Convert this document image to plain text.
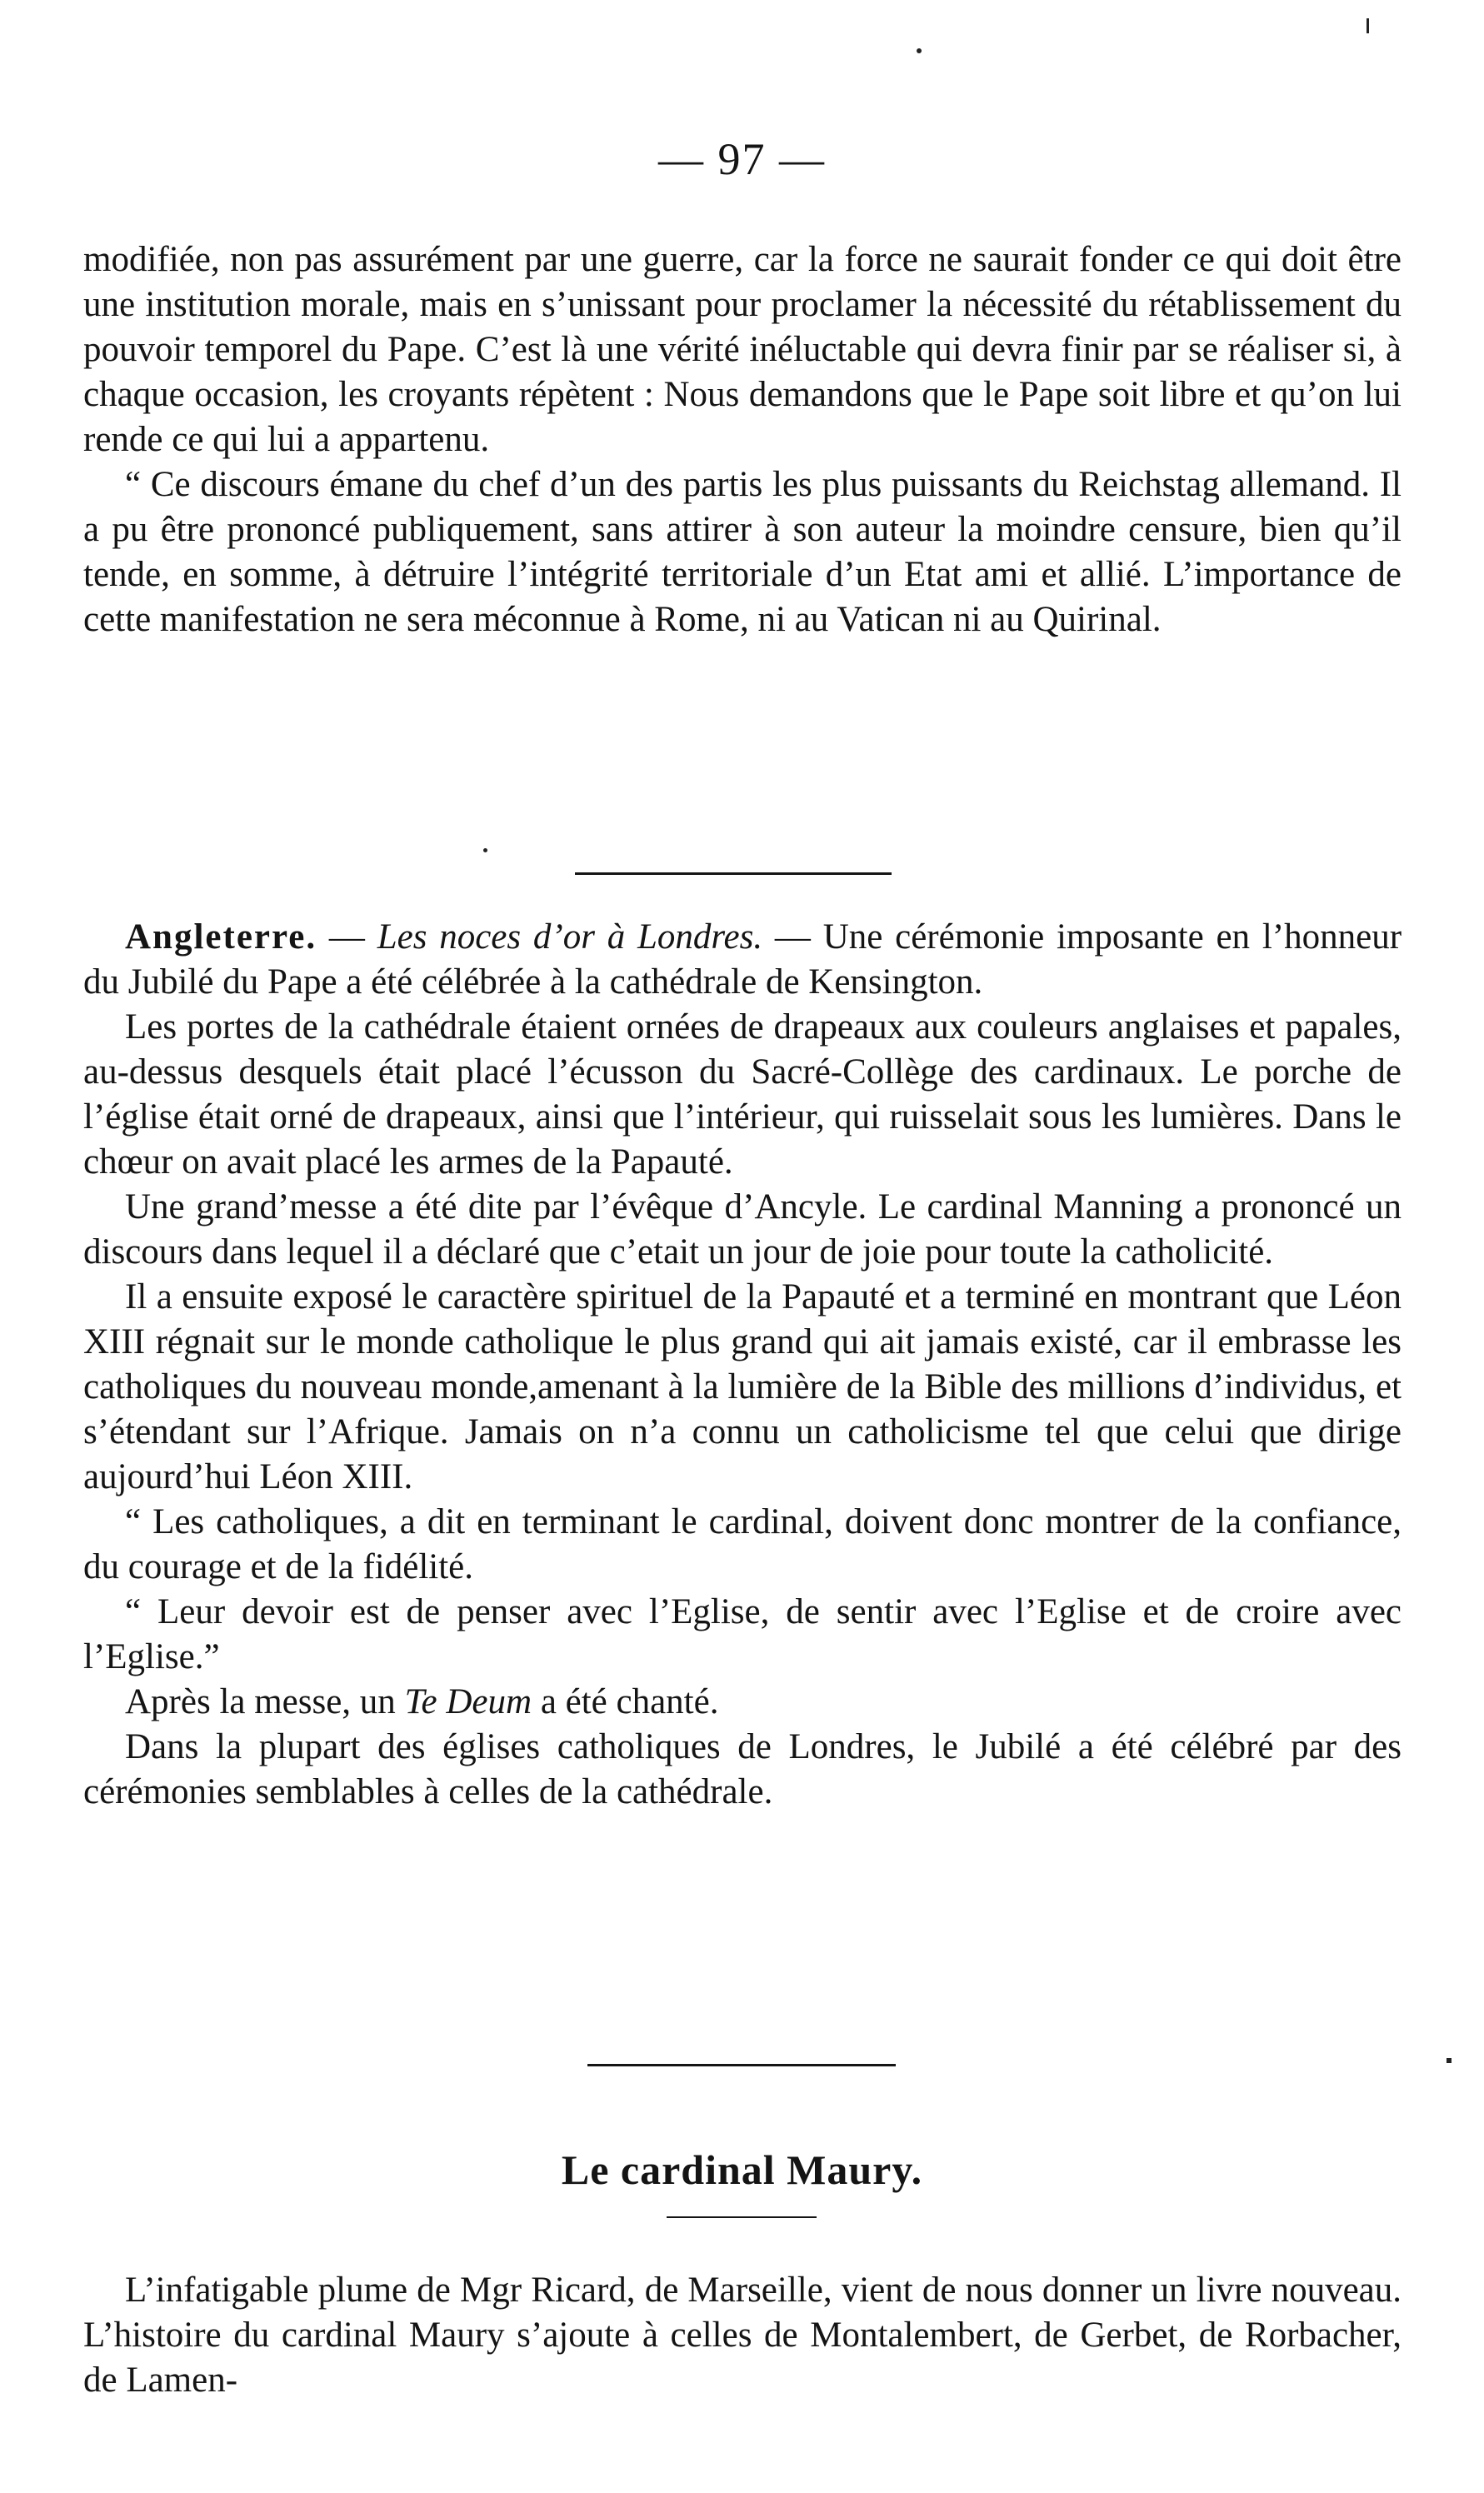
— 97 —

modifiée, non pas assurément par une guerre, car la force ne saurait fonder ce qui doit être une institution morale, mais en s’unissant pour proclamer la nécessité du rétablissement du pouvoir temporel du Pape. C’est là une vérité inéluctable qui devra finir par se réaliser si, à chaque occasion, les croyants répètent : Nous demandons que le Pape soit libre et qu’on lui rende ce qui lui a appartenu.

“ Ce discours émane du chef d’un des partis les plus puissants du Reichstag allemand. Il a pu être prononcé publiquement, sans attirer à son auteur la moindre censure, bien qu’il tende, en somme, à détruire l’intégrité territoriale d’un Etat ami et allié. L’importance de cette manifestation ne sera méconnue à Rome, ni au Vatican ni au Quirinal.

Angleterre. — Les noces d’or à Londres. — Une cérémonie imposante en l’honneur du Jubilé du Pape a été célébrée à la cathédrale de Kensington.

Les portes de la cathédrale étaient ornées de drapeaux aux couleurs anglaises et papales, au-dessus desquels était placé l’écusson du Sacré-Collège des cardinaux. Le porche de l’église était orné de drapeaux, ainsi que l’intérieur, qui ruisselait sous les lumières. Dans le chœur on avait placé les armes de la Papauté.

Une grand’messe a été dite par l’évêque d’Ancyle. Le cardinal Manning a prononcé un discours dans lequel il a déclaré que c’etait un jour de joie pour toute la catholicité.

Il a ensuite exposé le caractère spirituel de la Papauté et a terminé en montrant que Léon XIII régnait sur le monde catholique le plus grand qui ait jamais existé, car il embrasse les catholiques du nouveau monde,amenant à la lumière de la Bible des millions d’individus, et s’étendant sur l’Afrique. Jamais on n’a connu un catholicisme tel que celui que dirige aujourd’hui Léon XIII.

“ Les catholiques, a dit en terminant le cardinal, doivent donc montrer de la confiance, du courage et de la fidélité.

“ Leur devoir est de penser avec l’Eglise, de sentir avec l’Eglise et de croire avec l’Eglise.”

Après la messe, un Te Deum a été chanté.

Dans la plupart des églises catholiques de Londres, le Jubilé a été célébré par des cérémonies semblables à celles de la cathédrale.

Le cardinal Maury.

L’infatigable plume de Mgr Ricard, de Marseille, vient de nous donner un livre nouveau. L’histoire du cardinal Maury s’ajoute à celles de Montalembert, de Gerbet, de Rorbacher, de Lamen-
